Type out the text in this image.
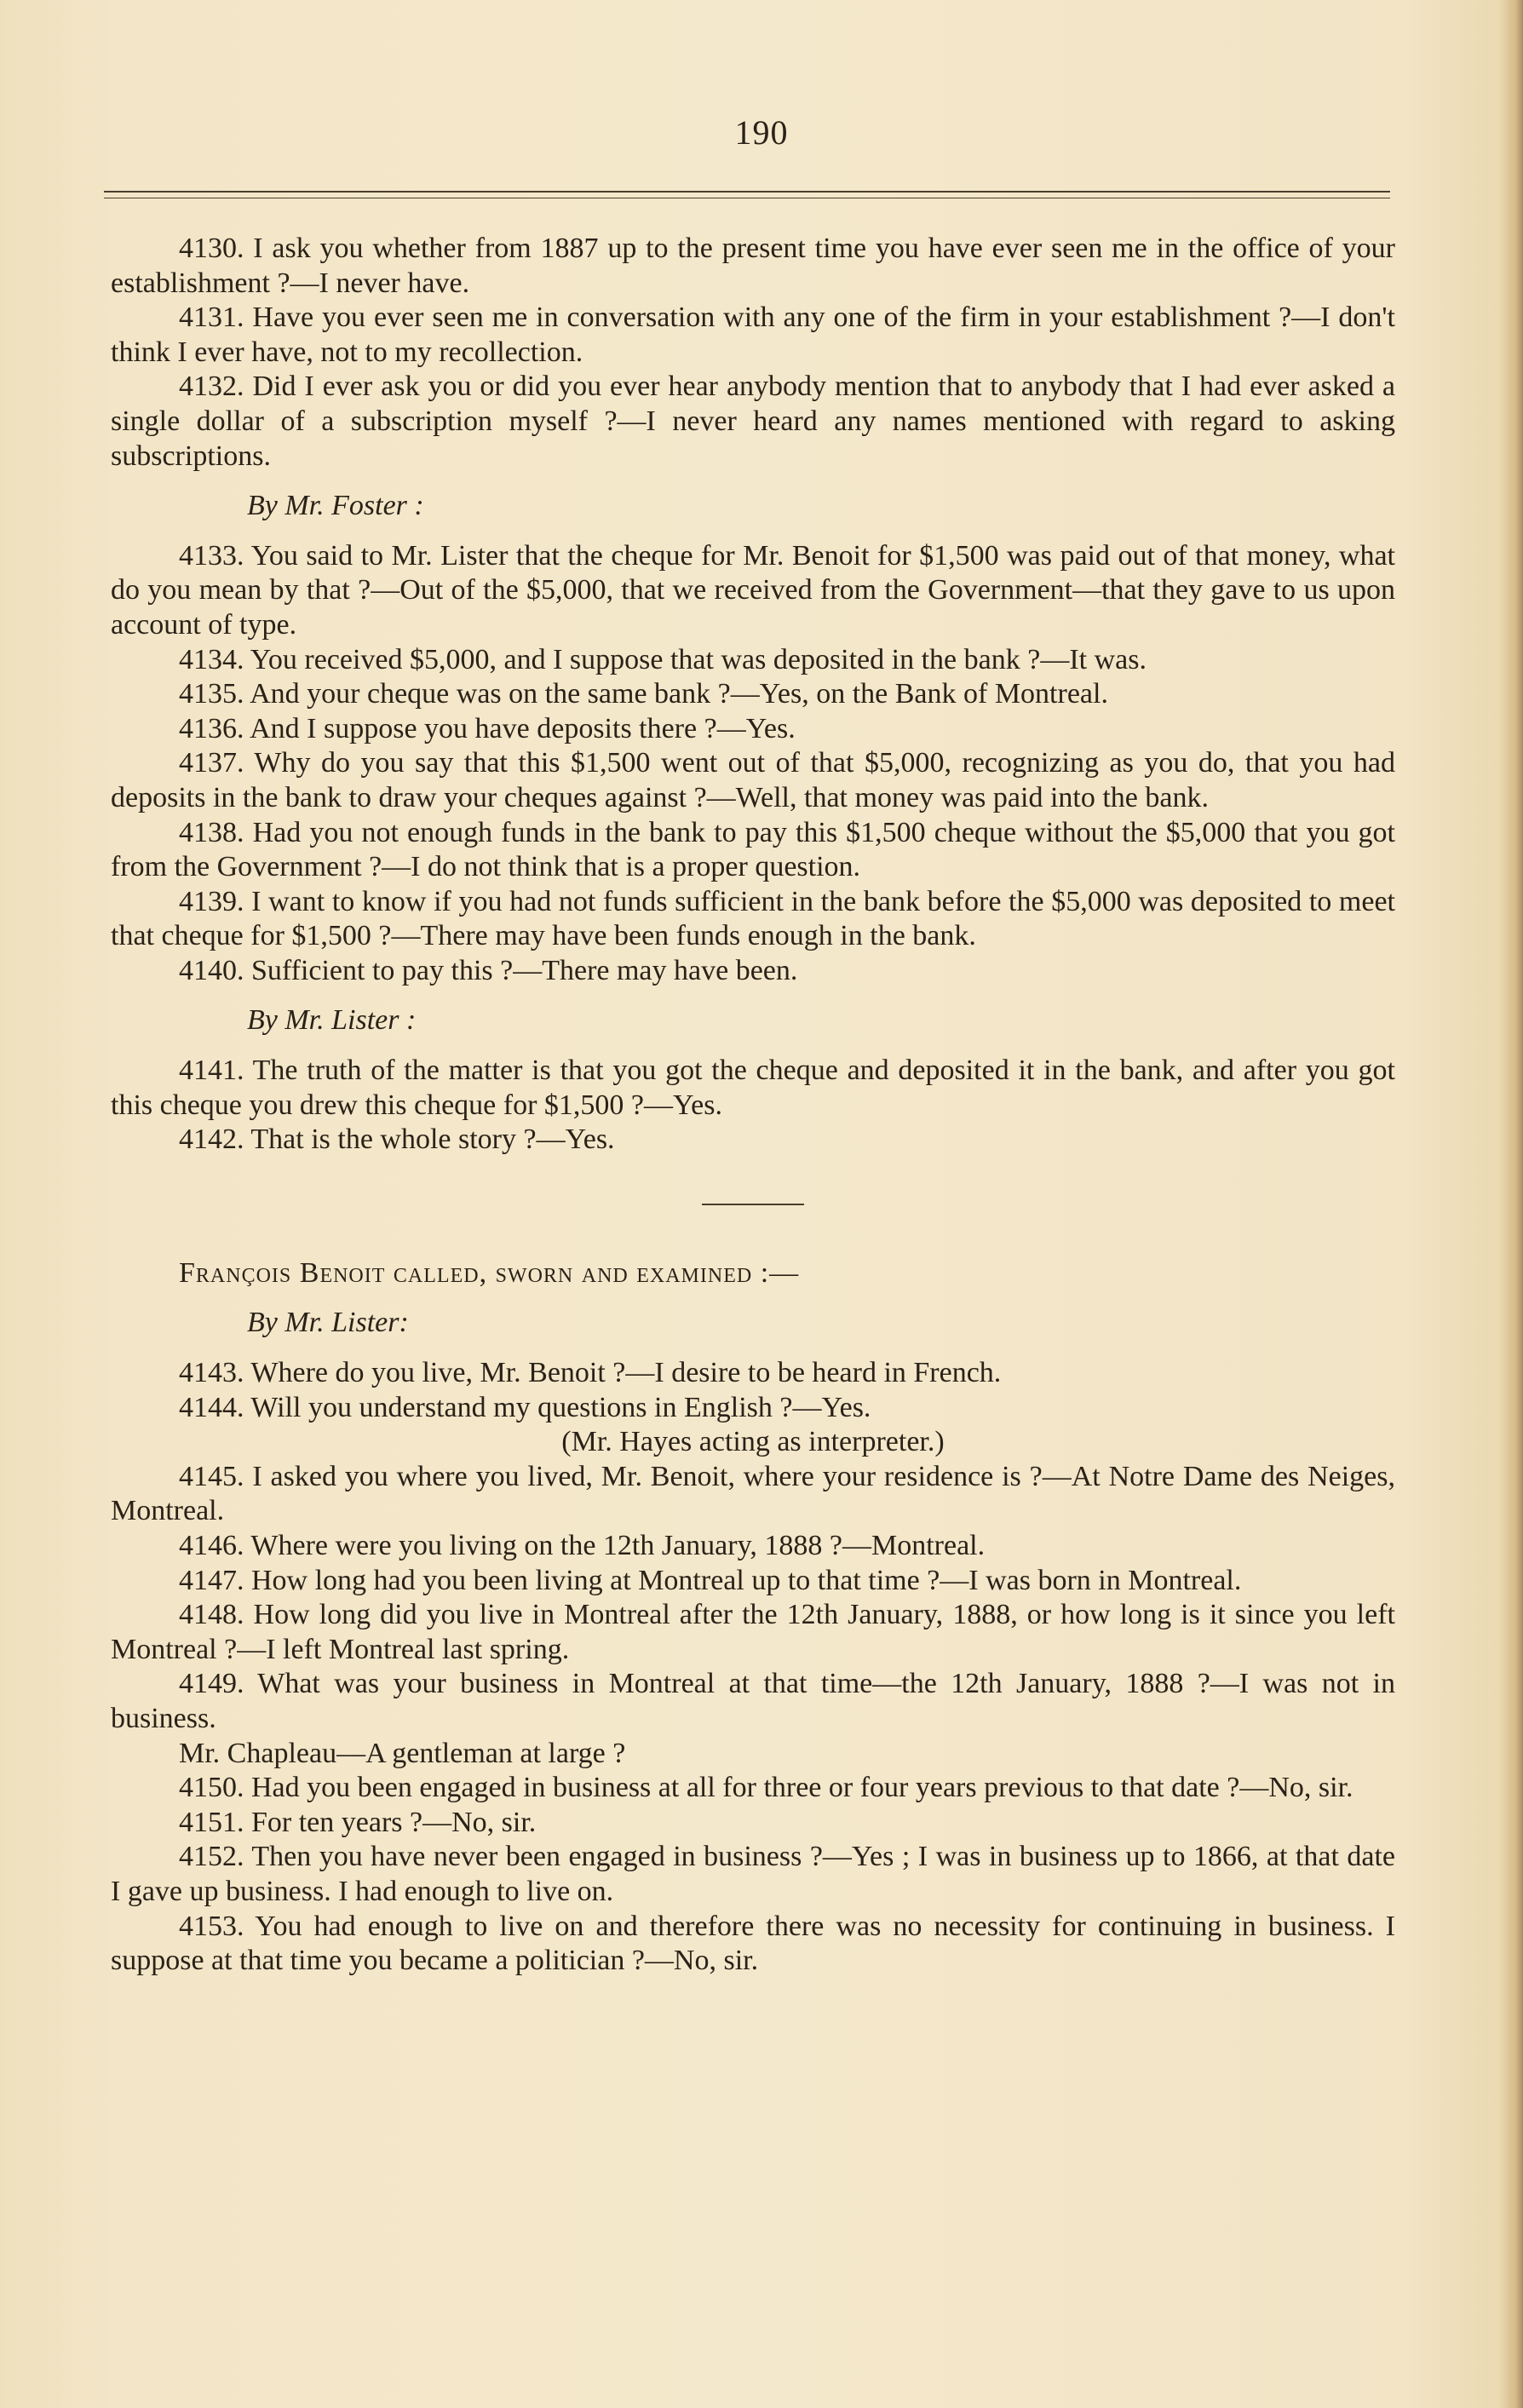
190

4130. I ask you whether from 1887 up to the present time you have ever seen me in the office of your establishment ?—I never have.

4131. Have you ever seen me in conversation with any one of the firm in your establishment ?—I don't think I ever have, not to my recollection.

4132. Did I ever ask you or did you ever hear anybody mention that to anybody that I had ever asked a single dollar of a subscription myself ?—I never heard any names mentioned with regard to asking subscriptions.

By Mr. Foster :

4133. You said to Mr. Lister that the cheque for Mr. Benoit for $1,500 was paid out of that money, what do you mean by that ?—Out of the $5,000, that we received from the Government—that they gave to us upon account of type.

4134. You received $5,000, and I suppose that was deposited in the bank ?—It was.

4135. And your cheque was on the same bank ?—Yes, on the Bank of Montreal.

4136. And I suppose you have deposits there ?—Yes.

4137. Why do you say that this $1,500 went out of that $5,000, recognizing as you do, that you had deposits in the bank to draw your cheques against ?—Well, that money was paid into the bank.

4138. Had you not enough funds in the bank to pay this $1,500 cheque without the $5,000 that you got from the Government ?—I do not think that is a proper question.

4139. I want to know if you had not funds sufficient in the bank before the $5,000 was deposited to meet that cheque for $1,500 ?—There may have been funds enough in the bank.

4140. Sufficient to pay this ?—There may have been.

By Mr. Lister :

4141. The truth of the matter is that you got the cheque and deposited it in the bank, and after you got this cheque you drew this cheque for $1,500 ?—Yes.

4142. That is the whole story ?—Yes.

François Benoit called, sworn and examined :—

By Mr. Lister:

4143. Where do you live, Mr. Benoit ?—I desire to be heard in French.

4144. Will you understand my questions in English ?—Yes.

(Mr. Hayes acting as interpreter.)

4145. I asked you where you lived, Mr. Benoit, where your residence is ?—At Notre Dame des Neiges, Montreal.

4146. Where were you living on the 12th January, 1888 ?—Montreal.

4147. How long had you been living at Montreal up to that time ?—I was born in Montreal.

4148. How long did you live in Montreal after the 12th January, 1888, or how long is it since you left Montreal ?—I left Montreal last spring.

4149. What was your business in Montreal at that time—the 12th January, 1888 ?—I was not in business.

Mr. Chapleau—A gentleman at large ?

4150. Had you been engaged in business at all for three or four years previous to that date ?—No, sir.

4151. For ten years ?—No, sir.

4152. Then you have never been engaged in business ?—Yes ; I was in business up to 1866, at that date I gave up business. I had enough to live on.

4153. You had enough to live on and therefore there was no necessity for continuing in business. I suppose at that time you became a politician ?—No, sir.
